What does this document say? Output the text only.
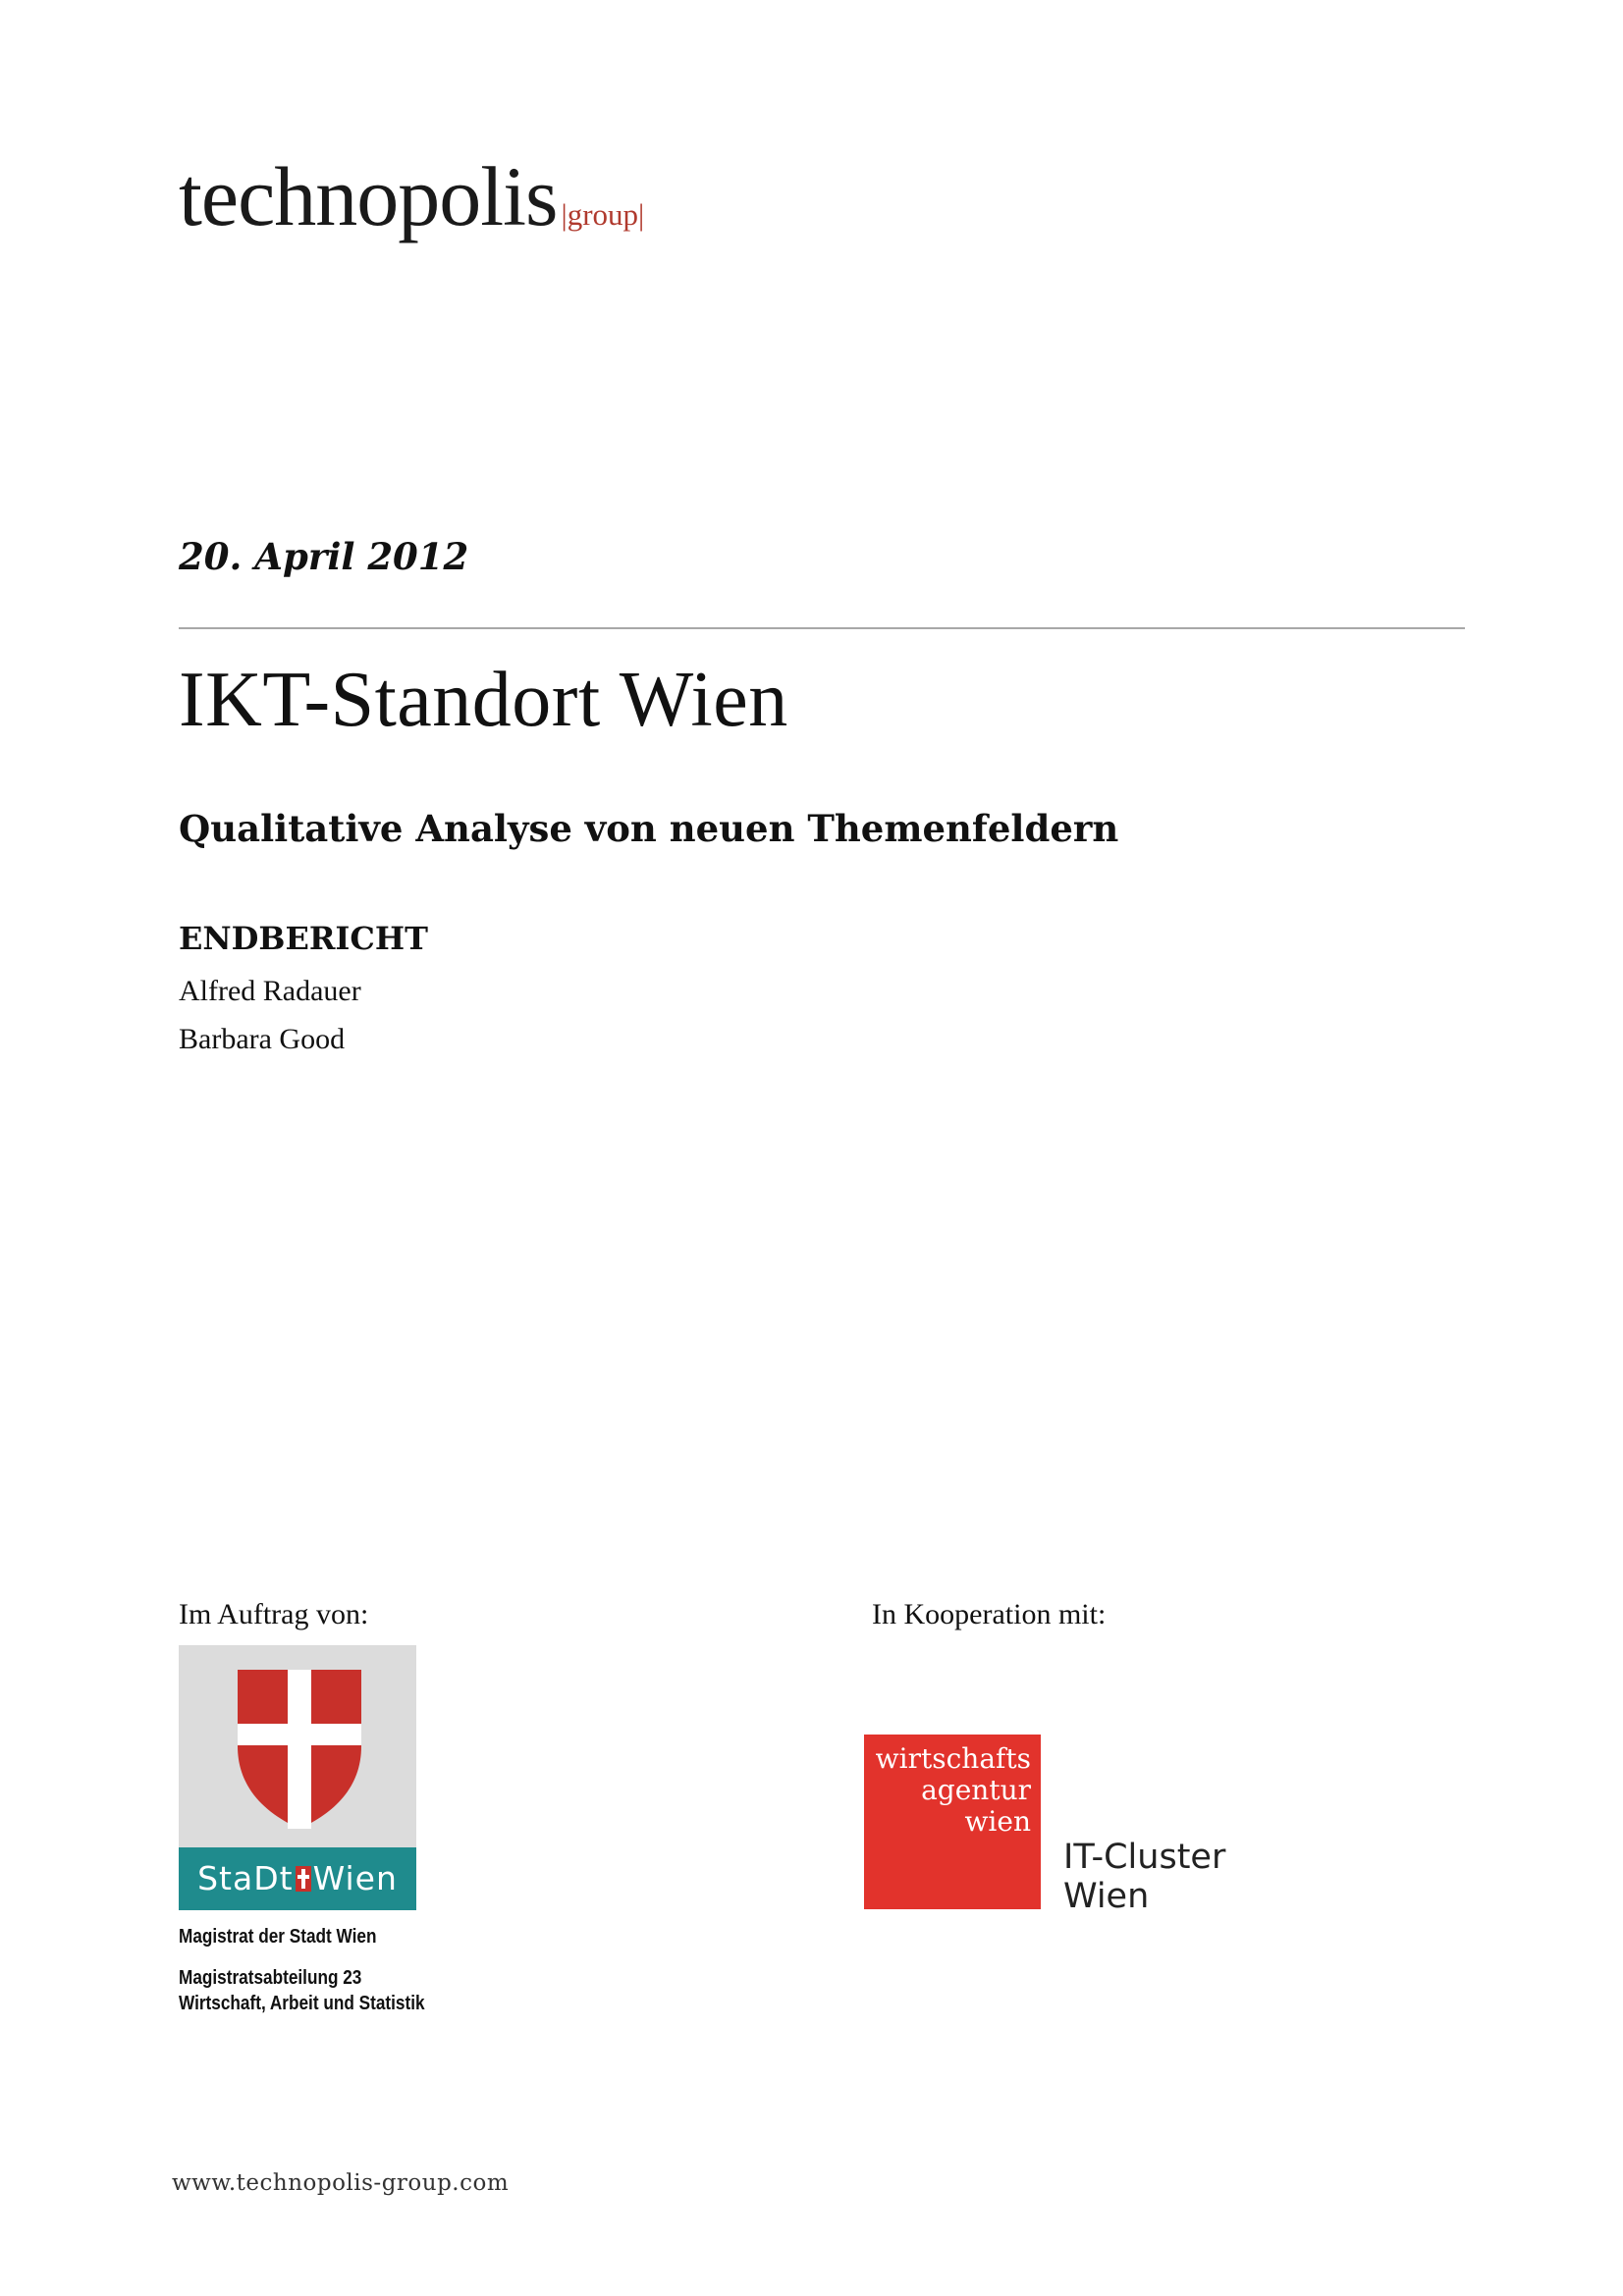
technopolis |group|
20. April 2012
IKT-Standort Wien
Qualitative Analyse von neuen Themenfeldern
ENDBERICHT
Alfred Radauer
Barbara Good
Im Auftrag von:	In Kooperation mit:
StaDt Wien
Magistrat der Stadt Wien
Magistratsabteilung 23
Wirtschaft, Arbeit und Statistik
wirtschafts
agentur
wien
IT-Cluster
Wien
www.technopolis-group.com
